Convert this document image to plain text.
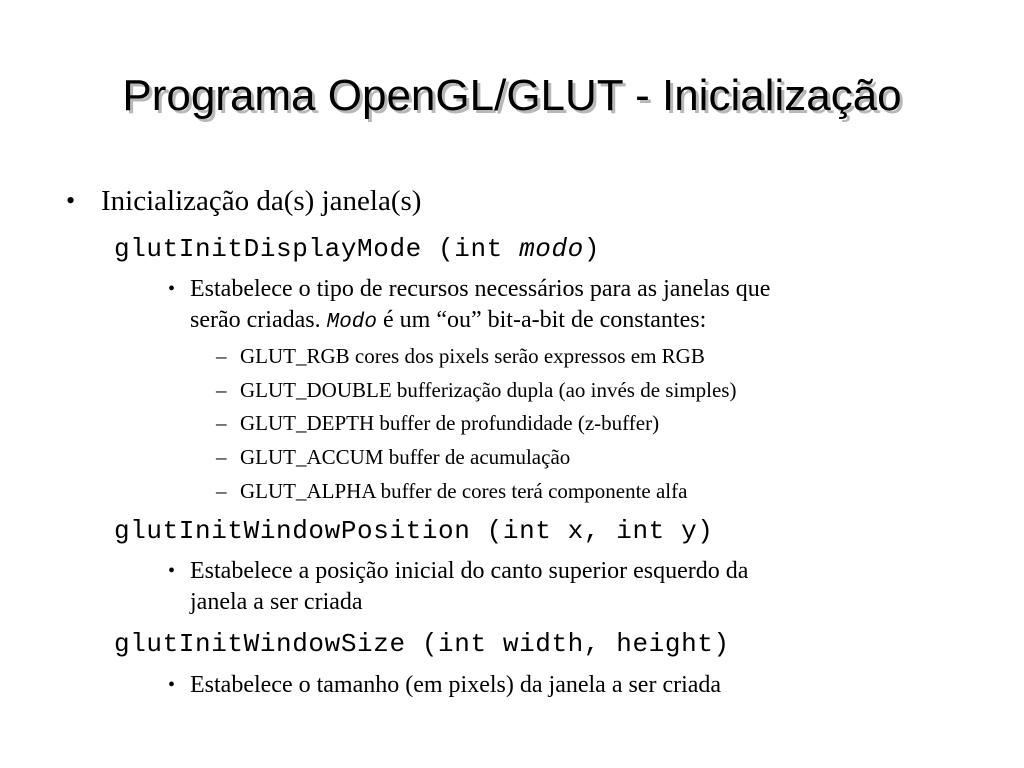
Programa OpenGL/GLUT - Inicialização
• Inicialização da(s) janela(s)
glutInitDisplayMode (int modo)
• Estabelece o tipo de recursos necessários para as janelas que
serão criadas. Modo é um “ou” bit-a-bit de constantes:
– GLUT_RGB cores dos pixels serão expressos em RGB
– GLUT_DOUBLE bufferização dupla (ao invés de simples)
– GLUT_DEPTH buffer de profundidade (z-buffer)
– GLUT_ACCUM buffer de acumulação
– GLUT_ALPHA buffer de cores terá componente alfa
glutInitWindowPosition (int x, int y)
• Estabelece a posição inicial do canto superior esquerdo da
janela a ser criada
glutInitWindowSize (int width, height)
• Estabelece o tamanho (em pixels) da janela a ser criada
